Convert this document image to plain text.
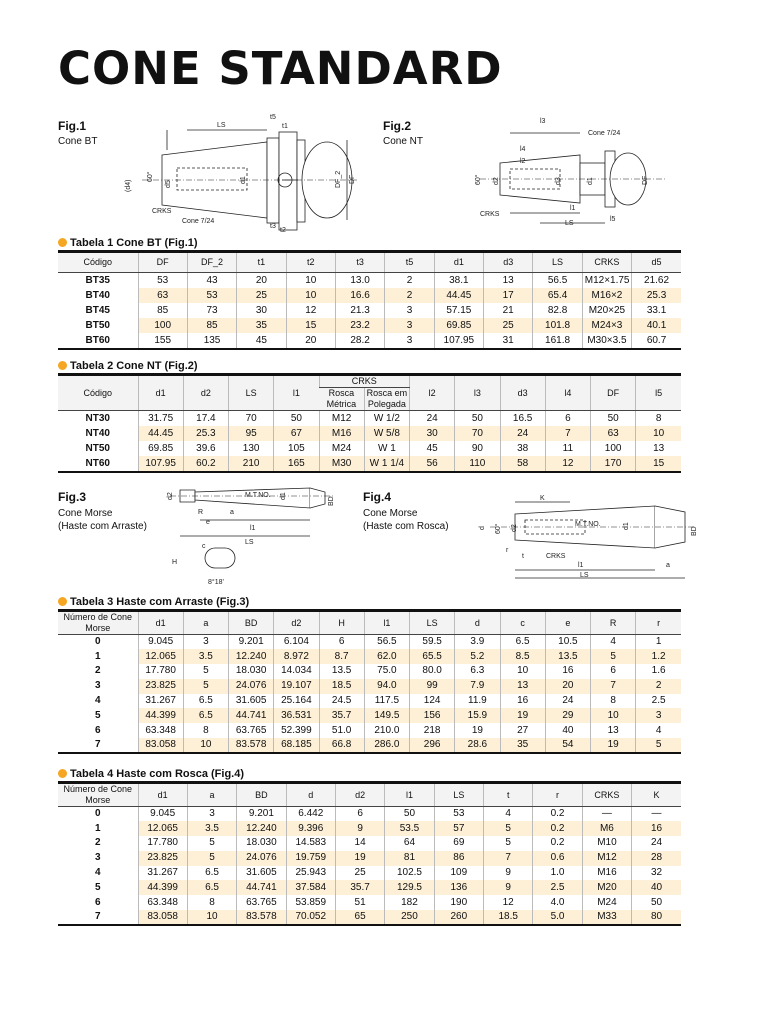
CONE STANDARD
Fig.1
Cone BT
Fig.2
Cone NT
Fig.3
Cone Morse
(Haste com Arraste)
Fig.4
Cone Morse
(Haste com Rosca)
LS
t5
t1
t2
t3
(d4)
60°
d5
d1	DF_2 DF
CRKS
Cone 7/24
l3
l4
l2
l1
l5
LS
60° d2	d3	d1	DF
CRKS
Cone 7/24
Tabela 1 Cone BT (Fig.1)
Código	DF	DF_2	t1	t2	t3	t5	d1	d3	LS	CRKS	d5
BT35	53	43	20	10	13.0	2	38.1	13	56.5	M12×1.75	21.62
BT40	63	53	25	10	16.6	2	44.45	17	65.4	M16×2	25.3
BT45	85	73	30	12	21.3	3	57.15	21	82.8	M20×25	33.1
BT50	100	85	35	15	23.2	3	69.85	25	101.8	M24×3	40.1
BT60	155	135	45	20	28.2	3	107.95	31	161.8	M30×3.5	60.7
Tabela 2 Cone NT (Fig.2)
Código	d1	d2	LS	l1	CRKS		l2	l3	d3	l4	DF	l5
					Rosca Métrica	Rosca em Polegada						
NT30	31.75	17.4	70	50	M12	W 1/2	24	50	16.5	6	50	8
NT40	44.45	25.3	95	67	M16	W 5/8	30	70	24	7	63	10
NT50	69.85	39.6	130	105	M24	W 1	45	90	38	11	100	13
NT60	107.95	60.2	210	165	M30	W 1 1/4	56	110	58	12	170	15
M.T.NO.
d2	d1
BD
R
e
a
l1
LS
c
H
8°18'
K
M.T.NO.
d 60° d2	d1
BD
r
t	CRKS
l1
LS
a
Tabela 3 Haste com Arraste (Fig.3)
Número de Cone Morse	d1	a	BD	d2	H	l1	LS	d	c	e	R	r
0	9.045	3	9.201	6.104	6	56.5	59.5	3.9	6.5	10.5	4	1
1	12.065	3.5	12.240	8.972	8.7	62.0	65.5	5.2	8.5	13.5	5	1.2
2	17.780	5	18.030	14.034	13.5	75.0	80.0	6.3	10	16	6	1.6
3	23.825	5	24.076	19.107	18.5	94.0	99	7.9	13	20	7	2
4	31.267	6.5	31.605	25.164	24.5	117.5	124	11.9	16	24	8	2.5
5	44.399	6.5	44.741	36.531	35.7	149.5	156	15.9	19	29	10	3
6	63.348	8	63.765	52.399	51.0	210.0	218	19	27	40	13	4
7	83.058	10	83.578	68.185	66.8	286.0	296	28.6	35	54	19	5
Tabela 4 Haste com Rosca (Fig.4)
Número de Cone Morse	d1	a	BD	d	d2	l1	LS	t	r	CRKS	K
0	9.045	3	9.201	6.442	6	50	53	4	0.2	—	—
1	12.065	3.5	12.240	9.396	9	53.5	57	5	0.2	M6	16
2	17.780	5	18.030	14.583	14	64	69	5	0.2	M10	24
3	23.825	5	24.076	19.759	19	81	86	7	0.6	M12	28
4	31.267	6.5	31.605	25.943	25	102.5	109	9	1.0	M16	32
5	44.399	6.5	44.741	37.584	35.7	129.5	136	9	2.5	M20	40
6	63.348	8	63.765	53.859	51	182	190	12	4.0	M24	50
7	83.058	10	83.578	70.052	65	250	260	18.5	5.0	M33	80
